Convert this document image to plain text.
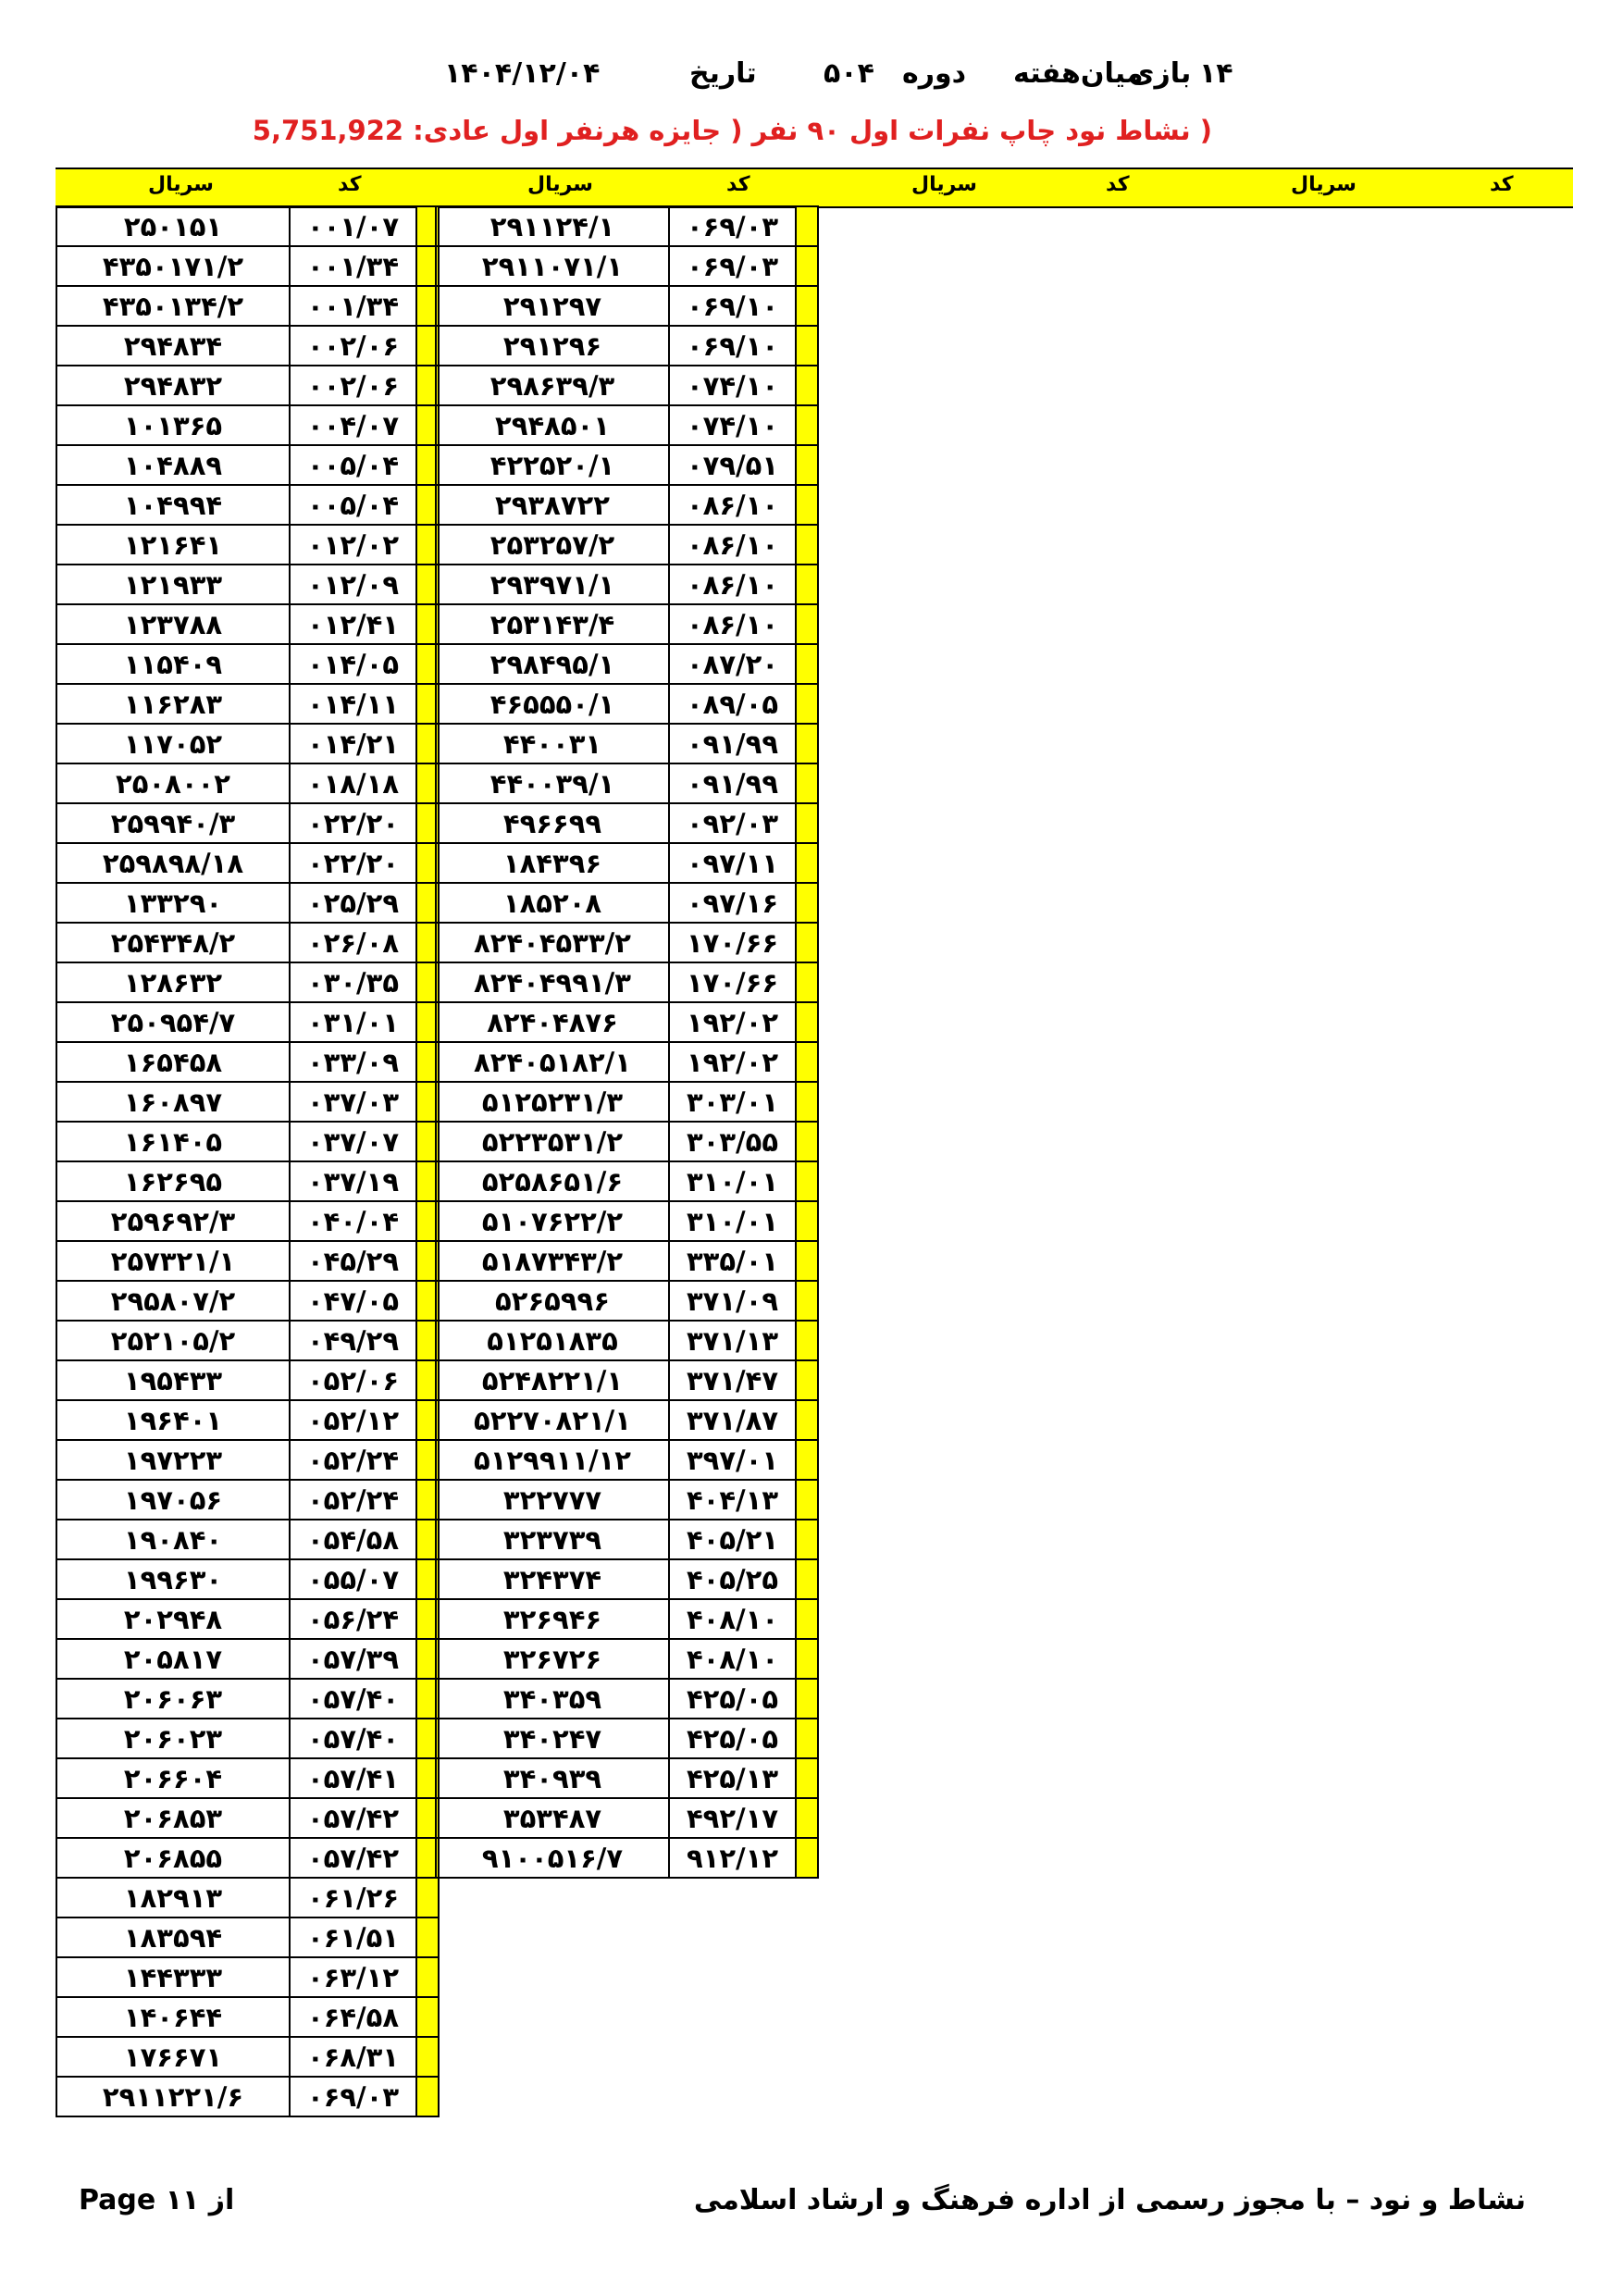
۱۴
بازی
میان‌هفته
دوره
۵۰۴
تاریخ
۱۴۰۴/۱۲/۰۴
( نشاط نود چاپ نفرات اول ۹۰ نفر ( جایزه هرنفر اول عادی: 5,751,922
سریال	کد	سریال	کد	سریال	کد	سریال	کد
۲۵۰۱۵۱	۰۰۱/۰۷	
۴۳۵۰۱۷۱/۲	۰۰۱/۳۴	
۴۳۵۰۱۳۴/۲	۰۰۱/۳۴	
۲۹۴۸۳۴	۰۰۲/۰۶	
۲۹۴۸۳۲	۰۰۲/۰۶	
۱۰۱۳۶۵	۰۰۴/۰۷	
۱۰۴۸۸۹	۰۰۵/۰۴	
۱۰۴۹۹۴	۰۰۵/۰۴	
۱۲۱۶۴۱	۰۱۲/۰۲	
۱۲۱۹۳۳	۰۱۲/۰۹	
۱۲۳۷۸۸	۰۱۲/۴۱	
۱۱۵۴۰۹	۰۱۴/۰۵	
۱۱۶۲۸۳	۰۱۴/۱۱	
۱۱۷۰۵۲	۰۱۴/۲۱	
۲۵۰۸۰۰۲	۰۱۸/۱۸	
۲۵۹۹۴۰/۳	۰۲۲/۲۰	
۲۵۹۸۹۸/۱۸	۰۲۲/۲۰	
۱۳۳۲۹۰	۰۲۵/۲۹	
۲۵۴۳۴۸/۲	۰۲۶/۰۸	
۱۲۸۶۳۲	۰۳۰/۳۵	
۲۵۰۹۵۴/۷	۰۳۱/۰۱	
۱۶۵۴۵۸	۰۳۳/۰۹	
۱۶۰۸۹۷	۰۳۷/۰۳	
۱۶۱۴۰۵	۰۳۷/۰۷	
۱۶۲۶۹۵	۰۳۷/۱۹	
۲۵۹۶۹۲/۳	۰۴۰/۰۴	
۲۵۷۳۲۱/۱	۰۴۵/۲۹	
۲۹۵۸۰۷/۲	۰۴۷/۰۵	
۲۵۲۱۰۵/۲	۰۴۹/۲۹	
۱۹۵۴۳۳	۰۵۲/۰۶	
۱۹۶۴۰۱	۰۵۲/۱۲	
۱۹۷۲۲۳	۰۵۲/۲۴	
۱۹۷۰۵۶	۰۵۲/۲۴	
۱۹۰۸۴۰	۰۵۴/۵۸	
۱۹۹۶۳۰	۰۵۵/۰۷	
۲۰۲۹۴۸	۰۵۶/۲۴	
۲۰۵۸۱۷	۰۵۷/۳۹	
۲۰۶۰۶۳	۰۵۷/۴۰	
۲۰۶۰۲۳	۰۵۷/۴۰	
۲۰۶۶۰۴	۰۵۷/۴۱	
۲۰۶۸۵۳	۰۵۷/۴۲	
۲۰۶۸۵۵	۰۵۷/۴۲	
۱۸۲۹۱۳	۰۶۱/۲۶	
۱۸۳۵۹۴	۰۶۱/۵۱	
۱۴۴۳۳۳	۰۶۳/۱۲	
۱۴۰۶۴۴	۰۶۴/۵۸	
۱۷۶۶۷۱	۰۶۸/۳۱	
۲۹۱۱۲۲۱/۶	۰۶۹/۰۳	
۲۹۱۱۲۴/۱	۰۶۹/۰۳	
۲۹۱۱۰۷۱/۱	۰۶۹/۰۳	
۲۹۱۲۹۷	۰۶۹/۱۰	
۲۹۱۲۹۶	۰۶۹/۱۰	
۲۹۸۶۳۹/۳	۰۷۴/۱۰	
۲۹۴۸۵۰۱	۰۷۴/۱۰	
۴۲۲۵۲۰/۱	۰۷۹/۵۱	
۲۹۳۸۷۲۲	۰۸۶/۱۰	
۲۵۳۲۵۷/۲	۰۸۶/۱۰	
۲۹۳۹۷۱/۱	۰۸۶/۱۰	
۲۵۳۱۴۳/۴	۰۸۶/۱۰	
۲۹۸۴۹۵/۱	۰۸۷/۲۰	
۴۶۵۵۵۰/۱	۰۸۹/۰۵	
۴۴۰۰۳۱	۰۹۱/۹۹	
۴۴۰۰۳۹/۱	۰۹۱/۹۹	
۴۹۶۶۹۹	۰۹۲/۰۳	
۱۸۴۳۹۶	۰۹۷/۱۱	
۱۸۵۲۰۸	۰۹۷/۱۶	
۸۲۴۰۴۵۳۳/۲	۱۷۰/۶۶	
۸۲۴۰۴۹۹۱/۳	۱۷۰/۶۶	
۸۲۴۰۴۸۷۶	۱۹۲/۰۲	
۸۲۴۰۵۱۸۲/۱	۱۹۲/۰۲	
۵۱۲۵۲۳۱/۳	۳۰۳/۰۱	
۵۲۲۳۵۳۱/۲	۳۰۳/۵۵	
۵۲۵۸۶۵۱/۶	۳۱۰/۰۱	
۵۱۰۷۶۲۲/۲	۳۱۰/۰۱	
۵۱۸۷۳۴۳/۲	۳۳۵/۰۱	
۵۲۶۵۹۹۶	۳۷۱/۰۹	
۵۱۲۵۱۸۳۵	۳۷۱/۱۳	
۵۲۴۸۲۲۱/۱	۳۷۱/۴۷	
۵۲۲۷۰۸۲۱/۱	۳۷۱/۸۷	
۵۱۲۹۹۱۱/۱۲	۳۹۷/۰۱	
۳۲۲۷۷۷	۴۰۴/۱۳	
۳۲۳۷۳۹	۴۰۵/۲۱	
۳۲۴۳۷۴	۴۰۵/۲۵	
۳۲۶۹۴۶	۴۰۸/۱۰	
۳۲۶۷۲۶	۴۰۸/۱۰	
۳۴۰۳۵۹	۴۲۵/۰۵	
۳۴۰۲۴۷	۴۲۵/۰۵	
۳۴۰۹۳۹	۴۲۵/۱۳	
۳۵۳۴۸۷	۴۹۲/۱۷	
۹۱۰۰۵۱۶/۷	۹۱۲/۱۲	
Page ۱۱ از	نشاط و نود – با مجوز رسمی از اداره فرهنگ و ارشاد اسلامی
